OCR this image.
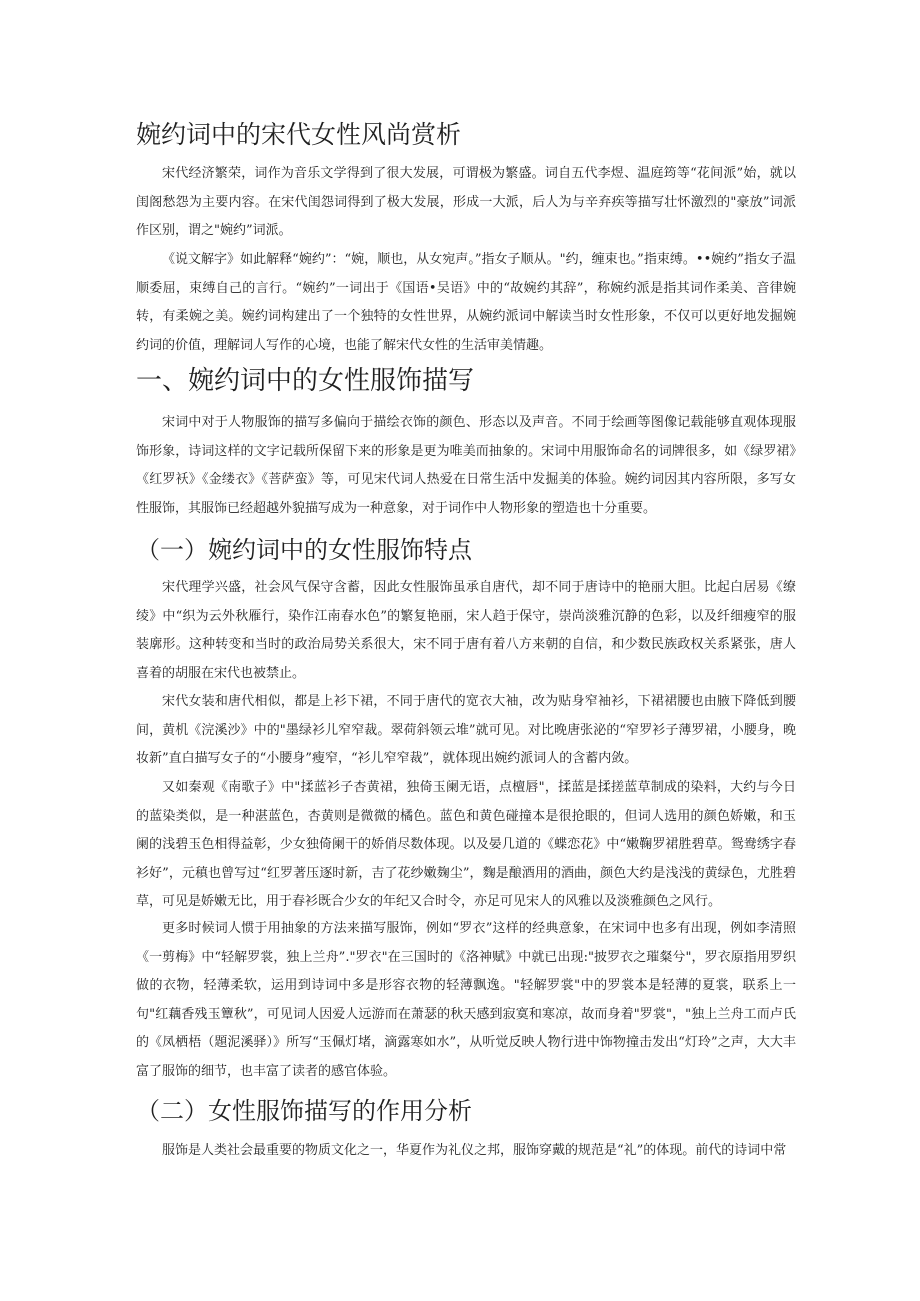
婉约词中的宋代女性风尚赏析

宋代经济繁荣，词作为音乐文学得到了很大发展，可谓极为繁盛。词自五代李煜、温庭筠等“花间派”始，就以闺阁愁怨为主要内容。在宋代闺怨词得到了极大发展，形成一大派，后人为与辛弃疾等描写壮怀激烈的"豪放”词派作区别，谓之"婉约”词派。

《说文解字》如此解释“婉约”：“婉，顺也，从女宛声。”指女子顺从。"约，缠束也。”指束缚。••婉约”指女子温顺委屈，束缚自己的言行。“婉约”一词出于《国语•吴语》中的“故婉约其辞”，称婉约派是指其词作柔美、音律婉转，有柔婉之美。婉约词构建出了一个独特的女性世界，从婉约派词中解读当时女性形象，不仅可以更好地发掘婉约词的价值，理解词人写作的心境，也能了解宋代女性的生活审美情趣。

一、婉约词中的女性服饰描写

宋词中对于人物服饰的描写多偏向于描绘衣饰的颜色、形态以及声音。不同于绘画等图像记载能够直观体现服饰形象，诗词这样的文字记载所保留下来的形象是更为唯美而抽象的。宋词中用服饰命名的词牌很多，如《绿罗裙》《红罗袄》《金缕衣》《菩萨蛮》等，可见宋代词人热爱在日常生活中发掘美的体验。婉约词因其内容所限，多写女性服饰，其服饰已经超越外貌描写成为一种意象，对于词作中人物形象的塑造也十分重要。

（一）婉约词中的女性服饰特点

宋代理学兴盛，社会风气保守含蓄，因此女性服饰虽承自唐代，却不同于唐诗中的艳丽大胆。比起白居易《缭绫》中“织为云外秋雁行，染作江南春水色”的繁复艳丽，宋人趋于保守，崇尚淡雅沉静的色彩，以及纤细瘦窄的服装廓形。这种转变和当时的政治局势关系很大，宋不同于唐有着八方来朝的自信，和少数民族政权关系紧张，唐人喜着的胡服在宋代也被禁止。

宋代女装和唐代相似，都是上衫下裙，不同于唐代的宽衣大袖，改为贴身窄袖衫，下裙裙腰也由腋下降低到腰间，黄机《浣溪沙》中的"墨绿衫儿窄窄裁。翠荷斜领云堆”就可见。对比晚唐张泌的“窄罗衫子薄罗裙，小腰身，晚妆新”直白描写女子的“小腰身”瘦窄，“衫儿窄窄裁”，就体现出婉约派词人的含蓄内敛。

又如秦观《南歌子》中"揉蓝衫子杏黄裙，独倚玉阑无语，点檀唇"，揉蓝是揉搓蓝草制成的染料，大约与今日的蓝染类似，是一种湛蓝色，杏黄则是微微的橘色。蓝色和黄色碰撞本是很抢眼的，但词人选用的颜色娇嫩，和玉阑的浅碧玉色相得益彰，少女独倚阑干的娇俏尽数体现。以及晏几道的《蝶恋花》中“嫩鞠罗裙胜碧草。鸳鸯绣字春衫好”，元稹也曾写过“红罗著压逐时新，吉了花纱嫩麹尘”，麴是酿酒用的酒曲，颜色大约是浅浅的黄绿色，尤胜碧草，可见是娇嫩无比，用于春衫既合少女的年纪又合时令，亦足可见宋人的风雅以及淡雅颜色之风行。

更多时候词人惯于用抽象的方法来描写服饰，例如“罗衣”这样的经典意象，在宋词中也多有出现，例如李清照《一剪梅》中“轻解罗裳，独上兰舟”."罗衣"在三国时的《洛神赋》中就已出现:"披罗衣之璀粲兮"，罗衣原指用罗织做的衣物，轻薄柔软，运用到诗词中多是形容衣物的轻薄飘逸。"轻解罗裳"中的罗裳本是轻薄的夏裳，联系上一句"红藕香残玉簟秋”，可见词人因爱人远游而在萧瑟的秋天感到寂寞和寒凉，故而身着"罗裳"，"独上兰舟工而卢氏的《凤栖梧（題泥溪驿）》所写“玉佩灯堵，滴露寒如水”，从听觉反映人物行进中饰物撞击发出“灯玲”之声，大大丰富了服饰的细节，也丰富了读者的感官体验。

（二）女性服饰描写的作用分析

服饰是人类社会最重要的物质文化之一，华夏作为礼仪之邦，服饰穿戴的规范是“礼”的体现。前代的诗词中常
